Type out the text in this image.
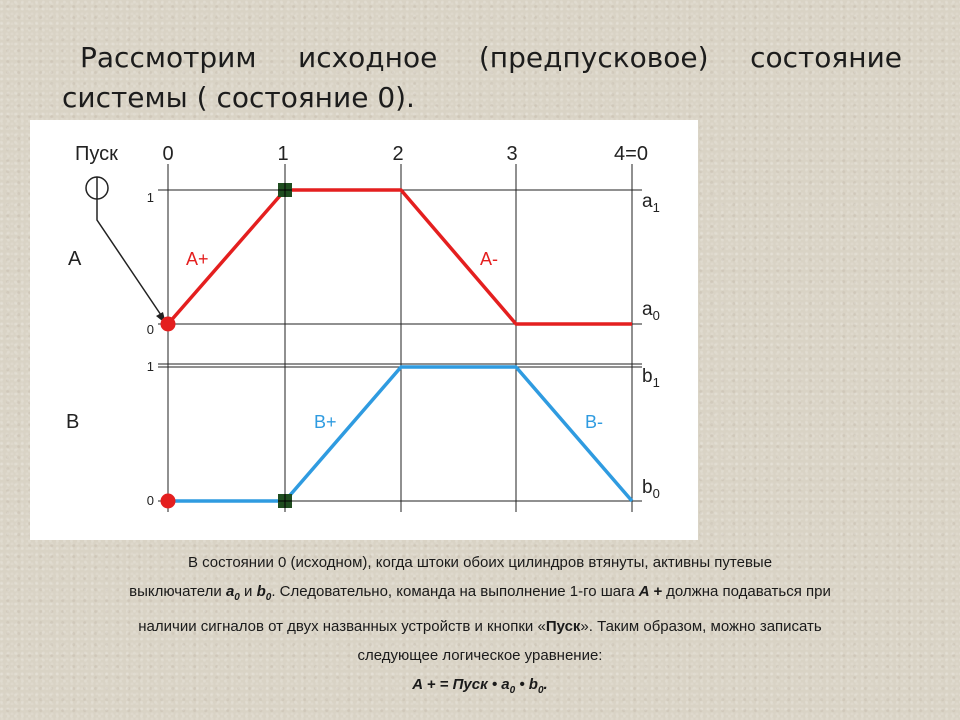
Рассмотрим исходное (предпусковое) состояние
системы ( состояние 0).
0	1	2	3	4=0
Пуск
A
B
1
0
1
0
$a_1$
$a_0$
$b_1$
$b_0$
A+	A-
B+	B-

В состоянии 0 (исходном), когда штоки обоих цилиндров втянуты, активны путевые

выключатели $a_0$ и $b_0$. Следовательно, команда на выполнение 1-го шага A + должна подаваться при

наличии сигналов от двух названных устройств и кнопки «Пуск». Таким образом, можно записать

следующее логическое уравнение:

A + = Пуск • $a_0$ • $b_0$.
